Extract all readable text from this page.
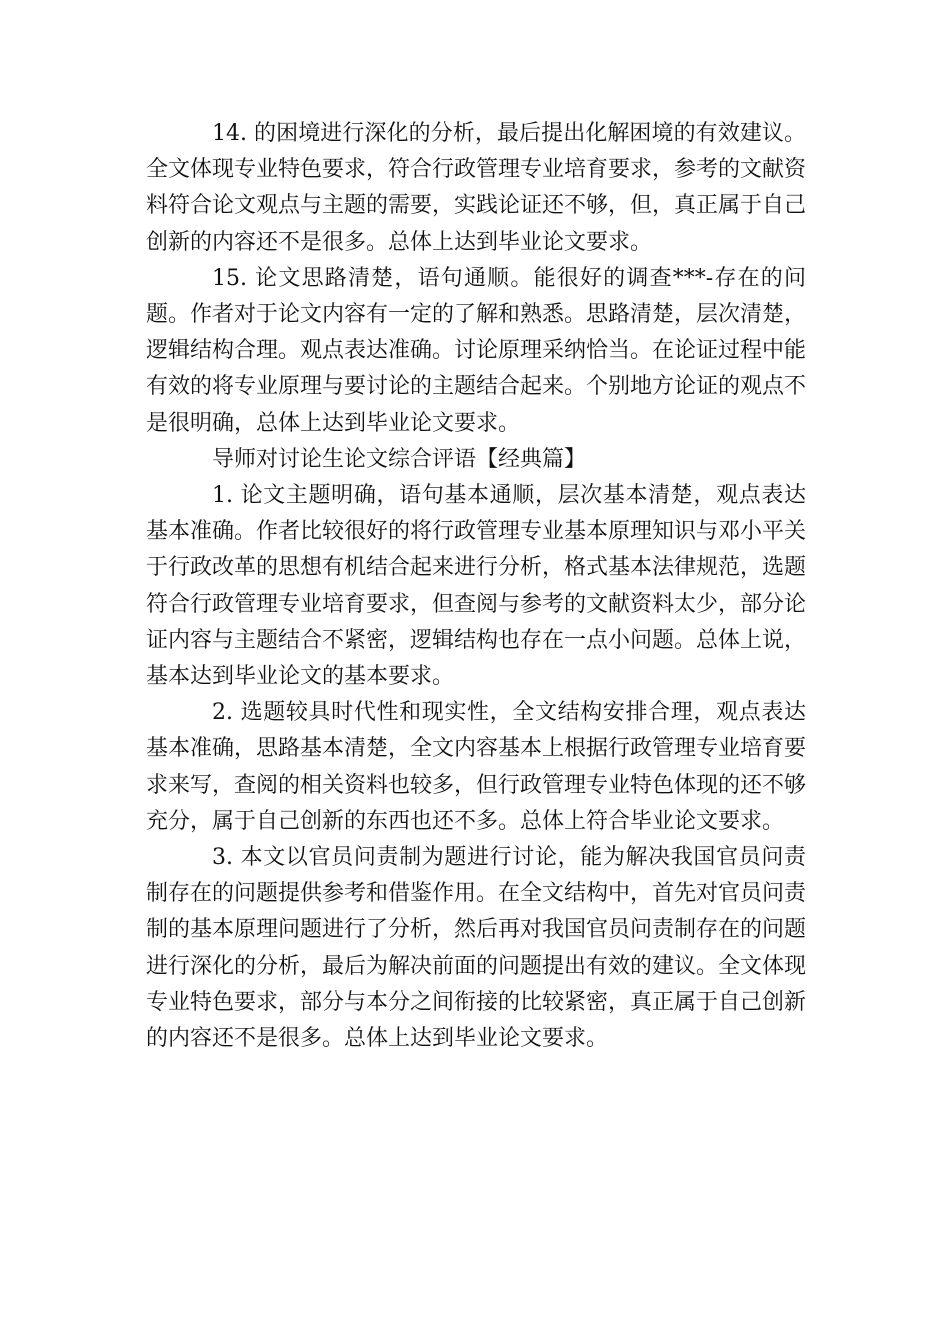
14. 的困境进行深化的分析，最后提出化解困境的有效建议。全文体现专业特色要求，符合行政管理专业培育要求，参考的文献资料符合论文观点与主题的需要，实践论证还不够，但，真正属于自己创新的内容还不是很多。总体上达到毕业论文要求。

15. 论文思路清楚，语句通顺。能很好的调查***-存在的问题。作者对于论文内容有一定的了解和熟悉。思路清楚，层次清楚，逻辑结构合理。观点表达准确。讨论原理采纳恰当。在论证过程中能有效的将专业原理与要讨论的主题结合起来。个别地方论证的观点不是很明确，总体上达到毕业论文要求。

导师对讨论生论文综合评语【经典篇】

1. 论文主题明确，语句基本通顺，层次基本清楚，观点表达基本准确。作者比较很好的将行政管理专业基本原理知识与邓小平关于行政改革的思想有机结合起来进行分析，格式基本法律规范，选题符合行政管理专业培育要求，但查阅与参考的文献资料太少，部分论证内容与主题结合不紧密，逻辑结构也存在一点小问题。总体上说，基本达到毕业论文的基本要求。

2. 选题较具时代性和现实性，全文结构安排合理，观点表达基本准确，思路基本清楚，全文内容基本上根据行政管理专业培育要求来写，查阅的相关资料也较多，但行政管理专业特色体现的还不够充分，属于自己创新的东西也还不多。总体上符合毕业论文要求。

3. 本文以官员问责制为题进行讨论，能为解决我国官员问责制存在的问题提供参考和借鉴作用。在全文结构中，首先对官员问责制的基本原理问题进行了分析，然后再对我国官员问责制存在的问题进行深化的分析，最后为解决前面的问题提出有效的建议。全文体现专业特色要求，部分与本分之间衔接的比较紧密，真正属于自己创新的内容还不是很多。总体上达到毕业论文要求。
